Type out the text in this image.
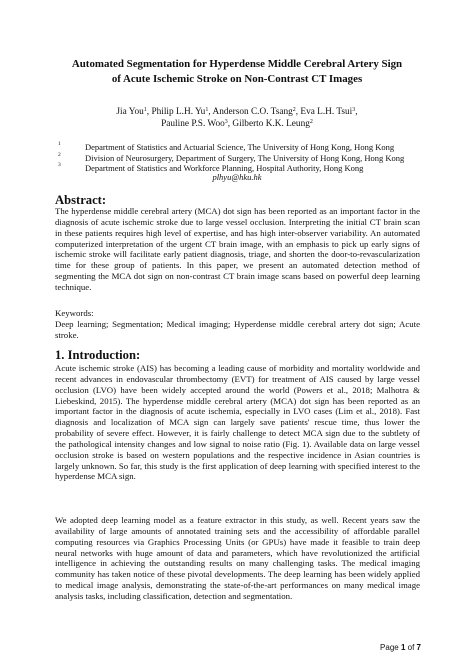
Automated Segmentation for Hyperdense Middle Cerebral Artery Sign
of Acute Ischemic Stroke on Non-Contrast CT Images
Jia You$^1$, Philip L.H. Yu$^1$, Anderson C.O. Tsang$^2$, Eva L.H. Tsui$^3$,
Pauline P.S. Woo$^3$, Gilberto K.K. Leung$^2$
1	Department of Statistics and Actuarial Science, The University of Hong Kong, Hong Kong
2	Division of Neurosurgery, Department of Surgery, The University of Hong Kong, Hong Kong
3	Department of Statistics and Workforce Planning, Hospital Authority, Hong Kong
plhyu@hku.hk
Abstract:
The hyperdense middle cerebral artery (MCA) dot sign has been reported as an important factor in the diagnosis of acute ischemic stroke due to large vessel occlusion. Interpreting the initial CT brain scan in these patients requires high level of expertise, and has high inter-observer variability. An automated computerized interpretation of the urgent CT brain image, with an emphasis to pick up early signs of ischemic stroke will facilitate early patient diagnosis, triage, and shorten the door-to-revascularization time for these group of patients. In this paper, we present an automated detection method of segmenting the MCA dot sign on non-contrast CT brain image scans based on powerful deep learning technique.
Keywords:
Deep learning; Segmentation; Medical imaging; Hyperdense middle cerebral artery dot sign; Acute stroke.
1. Introduction:
Acute ischemic stroke (AIS) has becoming a leading cause of morbidity and mortality worldwide and recent advances in endovascular thrombectomy (EVT) for treatment of AIS caused by large vessel occlusion (LVO) have been widely accepted around the world (Powers et al., 2018; Malhotra & Liebeskind, 2015). The hyperdense middle cerebral artery (MCA) dot sign has been reported as an important factor in the diagnosis of acute ischemia, especially in LVO cases (Lim et al., 2018). Fast diagnosis and localization of MCA sign can largely save patients' rescue time, thus lower the probability of severe effect. However, it is fairly challenge to detect MCA sign due to the subtlety of the pathological intensity changes and low signal to noise ratio (Fig. 1). Available data on large vessel occlusion stroke is based on western populations and the respective incidence in Asian countries is largely unknown. So far, this study is the first application of deep learning with specified interest to the hyperdense MCA sign.
We adopted deep learning model as a feature extractor in this study, as well. Recent years saw the availability of large amounts of annotated training sets and the accessibility of affordable parallel computing resources via Graphics Processing Units (or GPUs) have made it feasible to train deep neural networks with huge amount of data and parameters, which have revolutionized the artificial intelligence in achieving the outstanding results on many challenging tasks. The medical imaging community has taken notice of these pivotal developments. The deep learning has been widely applied to medical image analysis, demonstrating the state-of-the-art performances on many medical image analysis tasks, including classification, detection and segmentation.
Page 1 of 7
